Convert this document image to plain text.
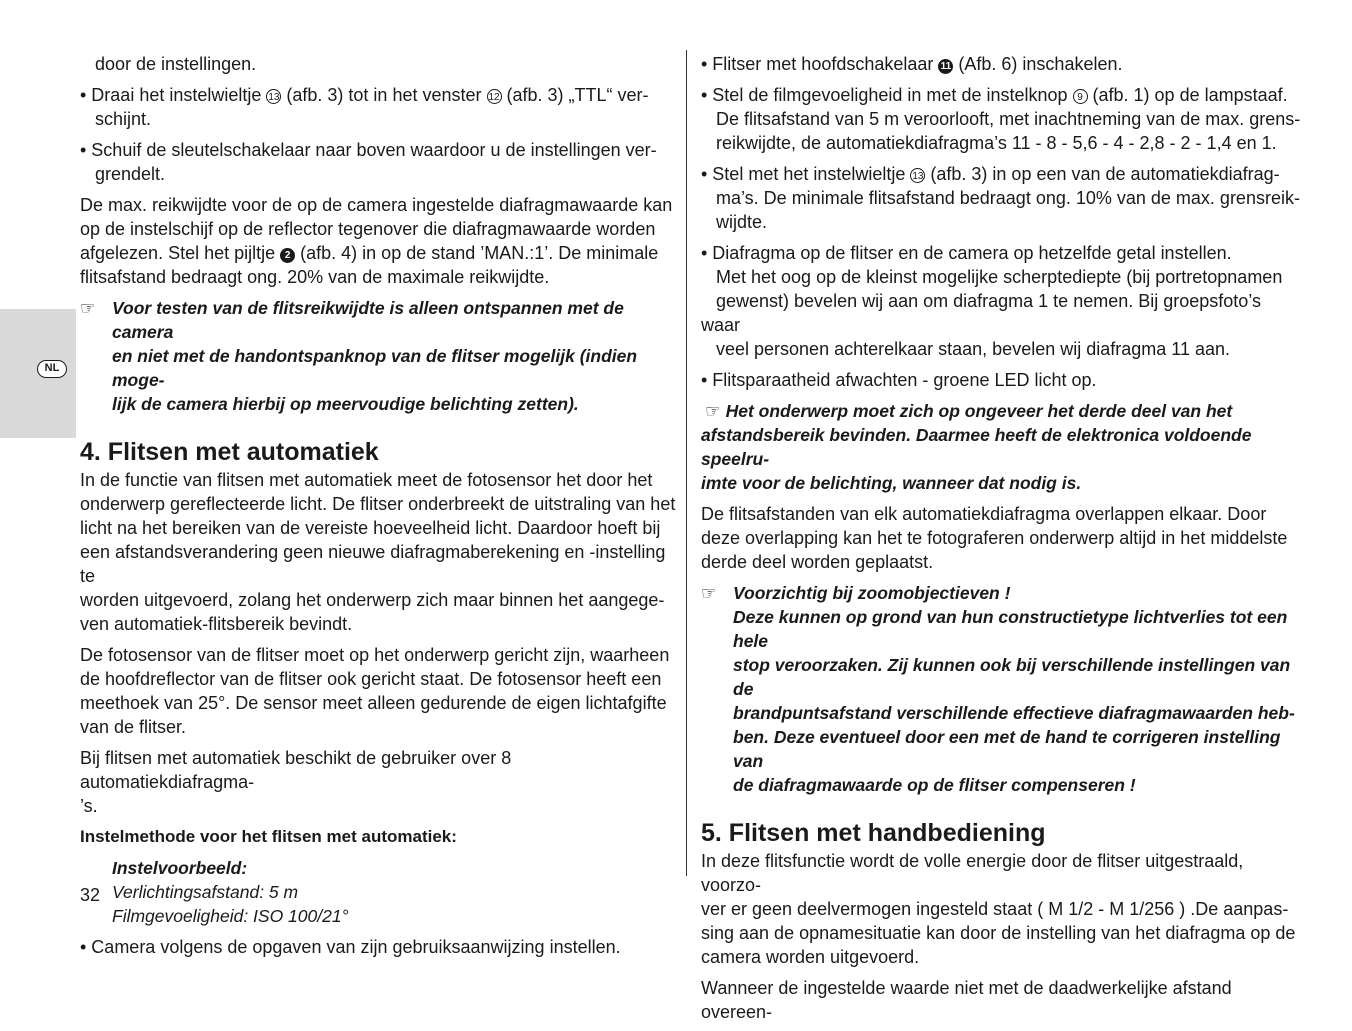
NL

door de instellingen.

• Draai het instelwieltje 13 (afb. 3) tot in het venster 12 (afb. 3) „TTL“ ver-
schijnt.

• Schuif de sleutelschakelaar naar boven waardoor u de instellingen ver-
grendelt.

De max. reikwijdte voor de op de camera ingestelde diafragmawaarde kan
op de instelschijf op de reflector tegenover die diafragmawaarde worden
afgelezen. Stel het pijltje 2 (afb. 4) in op de stand ’MAN.:1’. De minimale
flitsafstand bedraagt ong. 20% van de maximale reikwijdte.

☞ Voor testen van de flitsreikwijdte is alleen ontspannen met de camera
en niet met de handontspanknop van de flitser mogelijk (indien moge-
lijk de camera hierbij op meervoudige belichting zetten).

4. Flitsen met automatiek

In de functie van flitsen met automatiek meet de fotosensor het door het
onderwerp gereflecteerde licht. De flitser onderbreekt de uitstraling van het
licht na het bereiken van de vereiste hoeveelheid licht. Daardoor hoeft bij
een afstandsverandering geen nieuwe diafragmaberekening en -instelling te
worden uitgevoerd, zolang het onderwerp zich maar binnen het aangege-
ven automatiek-flitsbereik bevindt.

De fotosensor van de flitser moet op het onderwerp gericht zijn, waarheen
de hoofdreflector van de flitser ook gericht staat. De fotosensor heeft een
meethoek van 25°. De sensor meet alleen gedurende de eigen lichtafgifte
van de flitser.

Bij flitsen met automatiek beschikt de gebruiker over 8 automatiekdiafragma-
’s.

Instelmethode voor het flitsen met automatiek:

Instelvoorbeeld:
Verlichtingsafstand: 5 m
Filmgevoeligheid: ISO 100/21°

• Camera volgens de opgaven van zijn gebruiksaanwijzing instellen.

• Flitser met hoofdschakelaar 11 (Afb. 6) inschakelen.

• Stel de filmgevoeligheid in met de instelknop 9 (afb. 1) op de lampstaaf.
De flitsafstand van 5 m veroorlooft, met inachtneming van de max. grens-
reikwijdte, de automatiekdiafragma’s 11 - 8 - 5,6 - 4 - 2,8 - 2 - 1,4 en 1.

• Stel met het instelwieltje 13 (afb. 3) in op een van de automatiekdiafrag-
ma’s. De minimale flitsafstand bedraagt ong. 10% van de max. grensreik-
wijdte.

• Diafragma op de flitser en de camera op hetzelfde getal instellen.
Met het oog op de kleinst mogelijke scherptediepte (bij portretopnamen
gewenst) bevelen wij aan om diafragma 1 te nemen. Bij groepsfoto’s waar
veel personen achterelkaar staan, bevelen wij diafragma 11 aan.

• Flitsparaatheid afwachten - groene LED licht op.

☞ Het onderwerp moet zich op ongeveer het derde deel van het
afstandsbereik bevinden. Daarmee heeft de elektronica voldoende speelru-
imte voor de belichting, wanneer dat nodig is.

De flitsafstanden van elk automatiekdiafragma overlappen elkaar. Door
deze overlapping kan het te fotograferen onderwerp altijd in het middelste
derde deel worden geplaatst.

☞ Voorzichtig bij zoomobjectieven !
Deze kunnen op grond van hun constructietype lichtverlies tot een hele
stop veroorzaken. Zij kunnen ook bij verschillende instellingen van de
brandpuntsafstand verschillende effectieve diafragmawaarden heb-
ben. Deze eventueel door een met de hand te corrigeren instelling van
de diafragmawaarde op de flitser compenseren !

5. Flitsen met handbediening

In deze flitsfunctie wordt de volle energie door de flitser uitgestraald, voorzo-
ver er geen deelvermogen ingesteld staat ( M 1/2 - M 1/256 ) .De aanpas-
sing aan de opnamesituatie kan door de instelling van het diafragma op de
camera worden uitgevoerd.

Wanneer de ingestelde waarde niet met de daadwerkelijke afstand overeen-

32
